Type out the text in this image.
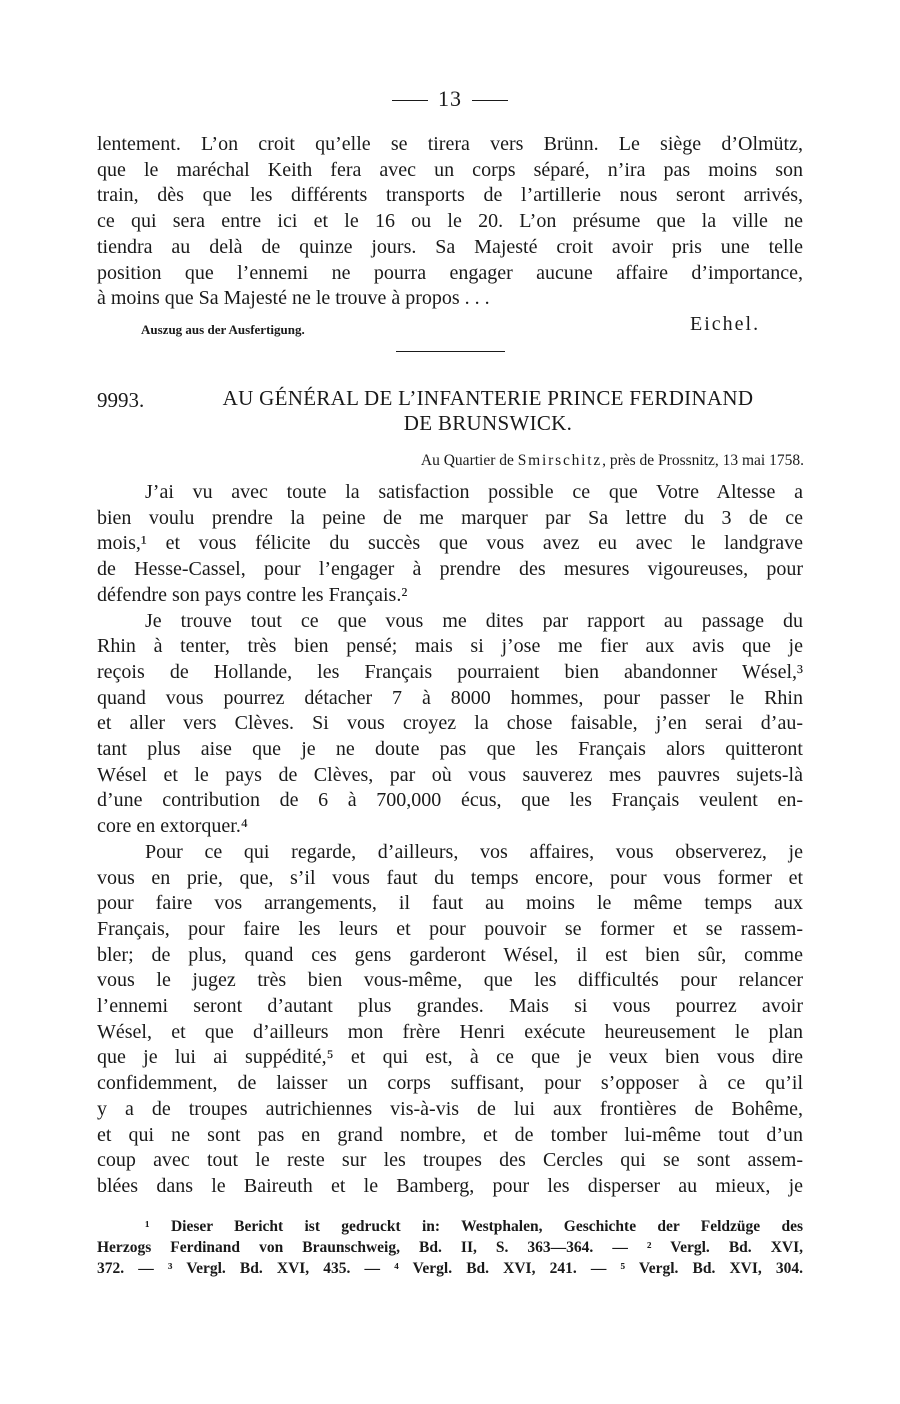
13
lentement. L’on croit qu’elle se tirera vers Brünn. Le siège d’Olmütz,
que le maréchal Keith fera avec un corps séparé, n’ira pas moins son
train, dès que les différents transports de l’artillerie nous seront arrivés,
ce qui sera entre ici et le 16 ou le 20. L’on présume que la ville ne
tiendra au delà de quinze jours. Sa Majesté croit avoir pris une telle
position que l’ennemi ne pourra engager aucune affaire d’importance,
à moins que Sa Majesté ne le trouve à propos . . .
Auszug aus der Ausfertigung.	Eichel.
9993.	AU GÉNÉRAL DE L’INFANTERIE PRINCE FERDINAND
DE BRUNSWICK.
Au Quartier de Smirschitz, près de Prossnitz, 13 mai 1758.
J’ai vu avec toute la satisfaction possible ce que Votre Altesse a
bien voulu prendre la peine de me marquer par Sa lettre du 3 de ce
mois,¹ et vous félicite du succès que vous avez eu avec le landgrave
de Hesse-Cassel, pour l’engager à prendre des mesures vigoureuses, pour
défendre son pays contre les Français.²
Je trouve tout ce que vous me dites par rapport au passage du
Rhin à tenter, très bien pensé; mais si j’ose me fier aux avis que je
reçois de Hollande, les Français pourraient bien abandonner Wésel,³
quand vous pourrez détacher 7 à 8000 hommes, pour passer le Rhin
et aller vers Clèves. Si vous croyez la chose faisable, j’en serai d’au-
tant plus aise que je ne doute pas que les Français alors quitteront
Wésel et le pays de Clèves, par où vous sauverez mes pauvres sujets-là
d’une contribution de 6 à 700,000 écus, que les Français veulent en-
core en extorquer.⁴
Pour ce qui regarde, d’ailleurs, vos affaires, vous observerez, je
vous en prie, que, s’il vous faut du temps encore, pour vous former et
pour faire vos arrangements, il faut au moins le même temps aux
Français, pour faire les leurs et pour pouvoir se former et se rassem-
bler; de plus, quand ces gens garderont Wésel, il est bien sûr, comme
vous le jugez très bien vous-même, que les difficultés pour relancer
l’ennemi seront d’autant plus grandes. Mais si vous pourrez avoir
Wésel, et que d’ailleurs mon frère Henri exécute heureusement le plan
que je lui ai suppédité,⁵ et qui est, à ce que je veux bien vous dire
confidemment, de laisser un corps suffisant, pour s’opposer à ce qu’il
y a de troupes autrichiennes vis-à-vis de lui aux frontières de Bohême,
et qui ne sont pas en grand nombre, et de tomber lui-même tout d’un
coup avec tout le reste sur les troupes des Cercles qui se sont assem-
blées dans le Baireuth et le Bamberg, pour les disperser au mieux, je
¹ Dieser Bericht ist gedruckt in: Westphalen, Geschichte der Feldzüge des
Herzogs Ferdinand von Braunschweig, Bd. II, S. 363—364. — ² Vergl. Bd. XVI,
372. — ³ Vergl. Bd. XVI, 435. — ⁴ Vergl. Bd. XVI, 241. — ⁵ Vergl. Bd. XVI, 304.
